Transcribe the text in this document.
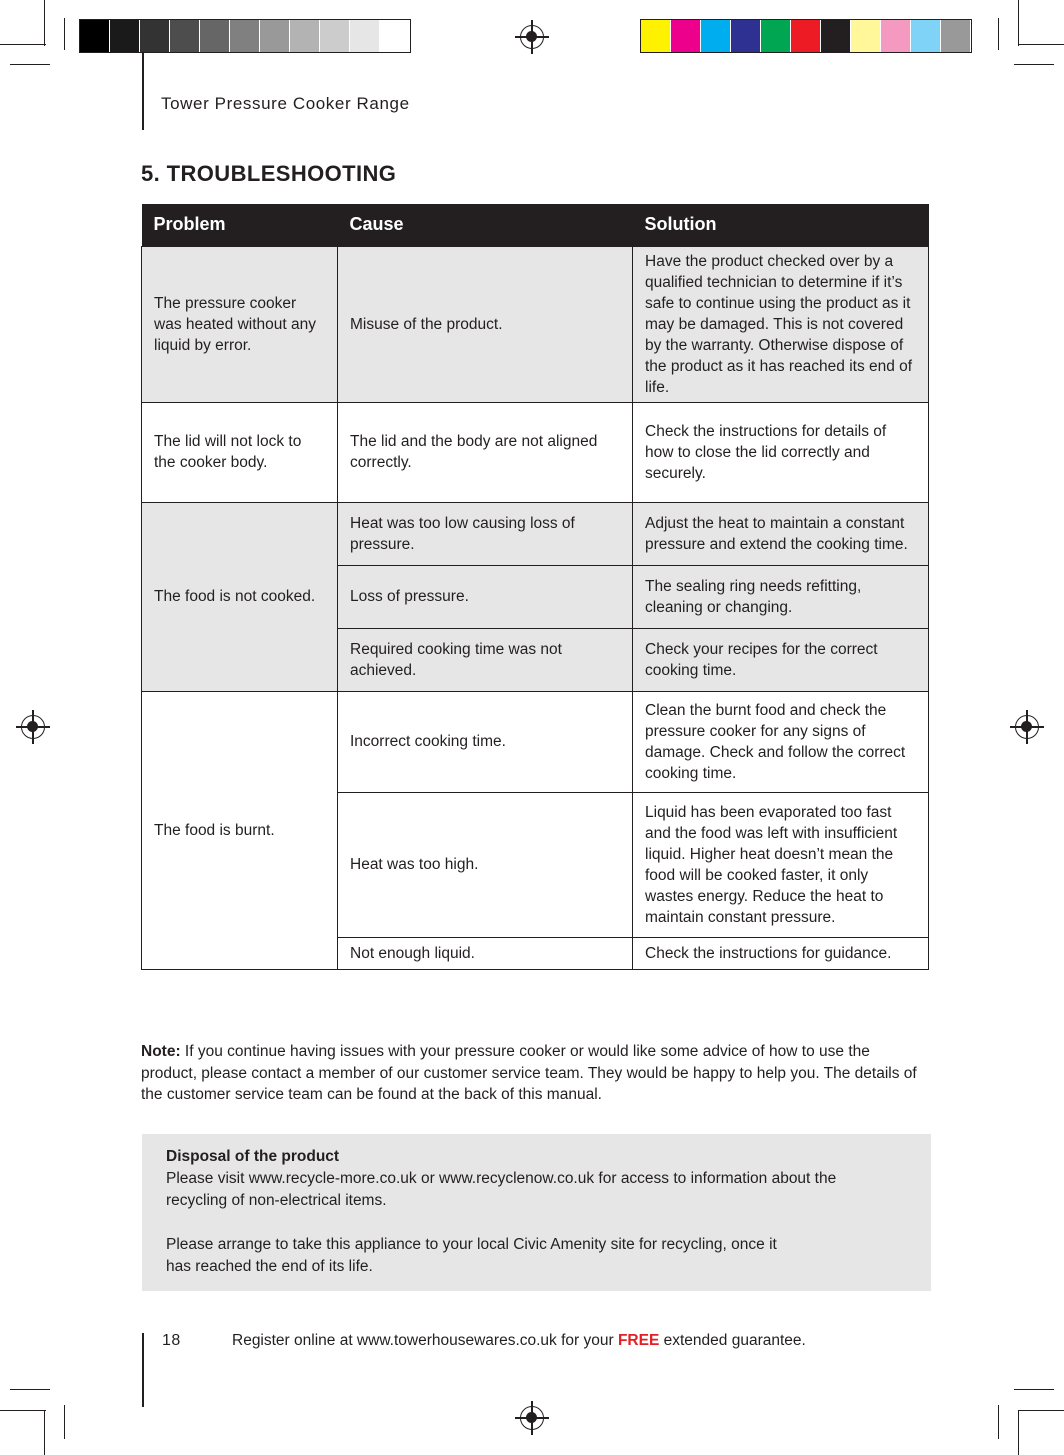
Tower Pressure Cooker Range
5. TROUBLESHOOTING
Problem	Cause	Solution
The pressure cooker was heated without any liquid by error.	Misuse of the product.	Have the product checked over by a qualified technician to determine if it’s safe to continue using the product as it may be damaged. This is not covered by the warranty. Otherwise dispose of the product as it has reached its end of life.
The lid will not lock to the cooker body.	The lid and the body are not aligned correctly.	Check the instructions for details of how to close the lid correctly and securely.
The food is not cooked.	Heat was too low causing loss of pressure.	Adjust the heat to maintain a constant pressure and extend the cooking time.
	Loss of pressure.	The sealing ring needs refitting, cleaning or changing.
	Required cooking time was not achieved.	Check your recipes for the correct cooking time.
The food is burnt.	Incorrect cooking time.	Clean the burnt food and check the pressure cooker for any signs of damage. Check and follow the correct cooking time.
	Heat was too high.	Liquid has been evaporated too fast and the food was left with insufficient liquid. Higher heat doesn’t mean the food will be cooked faster, it only wastes energy. Reduce the heat to maintain constant pressure.
	Not enough liquid.	Check the instructions for guidance.
Note: If you continue having issues with your pressure cooker or would like some advice of how to use the product, please contact a member of our customer service team. They would be happy to help you. The details of the customer service team can be found at the back of this manual.

Disposal of the product

Please visit www.recycle-more.co.uk or www.recyclenow.co.uk for access to information about the recycling of non-electrical items.

Please arrange to take this appliance to your local Civic Amenity site for recycling, once it has reached the end of its life.

18	Register online at www.towerhousewares.co.uk for your FREE extended guarantee.
